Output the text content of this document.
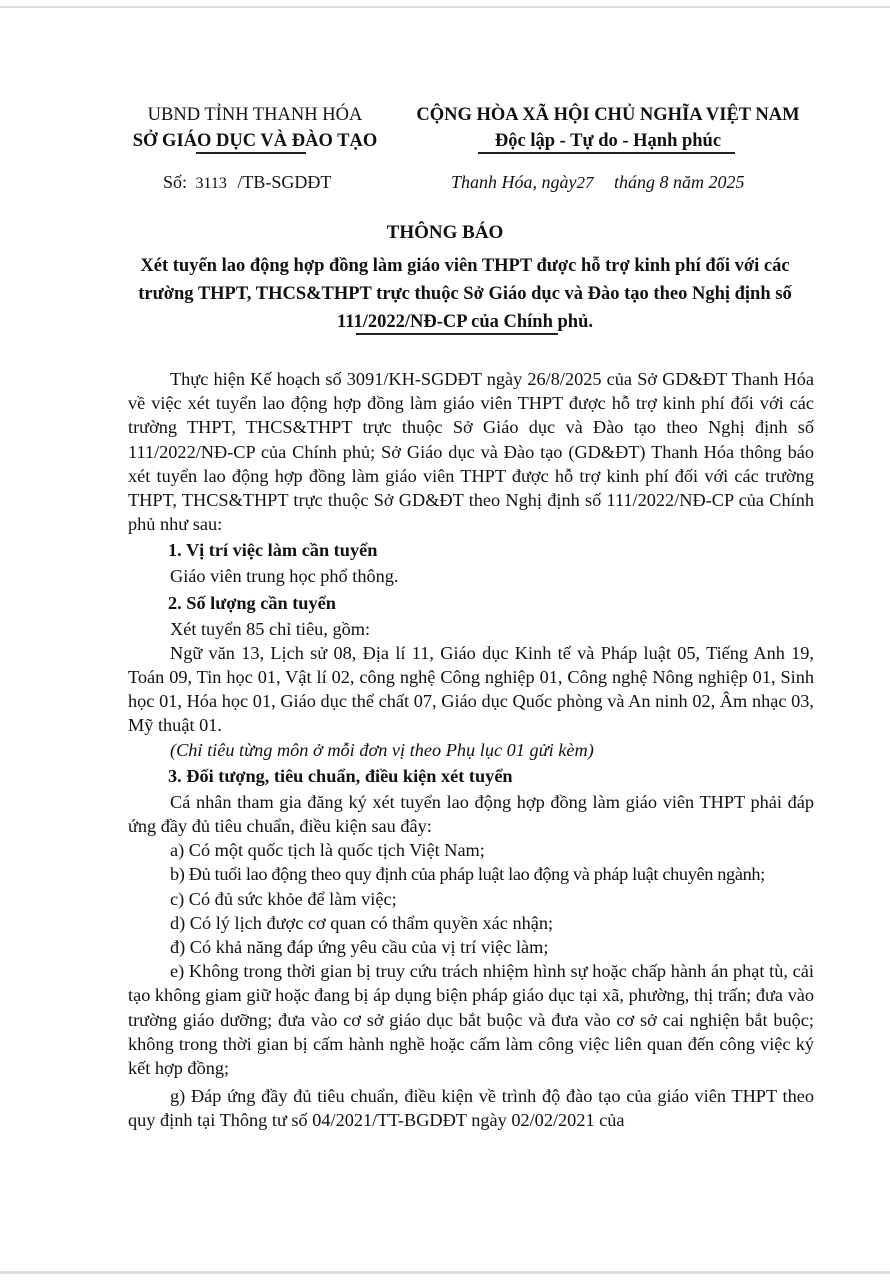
UBND TỈNH THANH HÓA
SỞ GIÁO DỤC VÀ ĐÀO TẠO
CỘNG HÒA XÃ HỘI CHỦ NGHĨA VIỆT NAM
Độc lập - Tự do - Hạnh phúc
Số: 3113 /TB-SGDĐT	Thanh Hóa, ngày27 tháng 8 năm 2025
THÔNG BÁO
Xét tuyển lao động hợp đồng làm giáo viên THPT được hỗ trợ kinh phí đối với các trường THPT, THCS&THPT trực thuộc Sở Giáo dục và Đào tạo theo Nghị định số 111/2022/NĐ-CP của Chính phủ.

Thực hiện Kế hoạch số 3091/KH-SGDĐT ngày 26/8/2025 của Sở GD&ĐT Thanh Hóa về việc xét tuyển lao động hợp đồng làm giáo viên THPT được hỗ trợ kinh phí đối với các trường THPT, THCS&THPT trực thuộc Sở Giáo dục và Đào tạo theo Nghị định số 111/2022/NĐ-CP của Chính phủ; Sở Giáo dục và Đào tạo (GD&ĐT) Thanh Hóa thông báo xét tuyển lao động hợp đồng làm giáo viên THPT được hỗ trợ kinh phí đối với các trường THPT, THCS&THPT trực thuộc Sở GD&ĐT theo Nghị định số 111/2022/NĐ-CP của Chính phủ như sau:

1. Vị trí việc làm cần tuyển

Giáo viên trung học phổ thông.

2. Số lượng cần tuyển

Xét tuyển 85 chỉ tiêu, gồm:

Ngữ văn 13, Lịch sử 08, Địa lí 11, Giáo dục Kinh tế và Pháp luật 05, Tiếng Anh 19, Toán 09, Tin học 01, Vật lí 02, công nghệ Công nghiệp 01, Công nghệ Nông nghiệp 01, Sinh học 01, Hóa học 01, Giáo dục thể chất 07, Giáo dục Quốc phòng và An ninh 02, Âm nhạc 03, Mỹ thuật 01.

(Chỉ tiêu từng môn ở mỗi đơn vị theo Phụ lục 01 gửi kèm)

3. Đối tượng, tiêu chuẩn, điều kiện xét tuyển

Cá nhân tham gia đăng ký xét tuyển lao động hợp đồng làm giáo viên THPT phải đáp ứng đầy đủ tiêu chuẩn, điều kiện sau đây:

a) Có một quốc tịch là quốc tịch Việt Nam;

b) Đủ tuổi lao động theo quy định của pháp luật lao động và pháp luật chuyên ngành;

c) Có đủ sức khỏe để làm việc;

d) Có lý lịch được cơ quan có thẩm quyền xác nhận;

đ) Có khả năng đáp ứng yêu cầu của vị trí việc làm;

e) Không trong thời gian bị truy cứu trách nhiệm hình sự hoặc chấp hành án phạt tù, cải tạo không giam giữ hoặc đang bị áp dụng biện pháp giáo dục tại xã, phường, thị trấn; đưa vào trường giáo dưỡng; đưa vào cơ sở giáo dục bắt buộc và đưa vào cơ sở cai nghiện bắt buộc; không trong thời gian bị cấm hành nghề hoặc cấm làm công việc liên quan đến công việc ký kết hợp đồng;

g) Đáp ứng đầy đủ tiêu chuẩn, điều kiện về trình độ đào tạo của giáo viên THPT theo quy định tại Thông tư số 04/2021/TT-BGDĐT ngày 02/02/2021 của
